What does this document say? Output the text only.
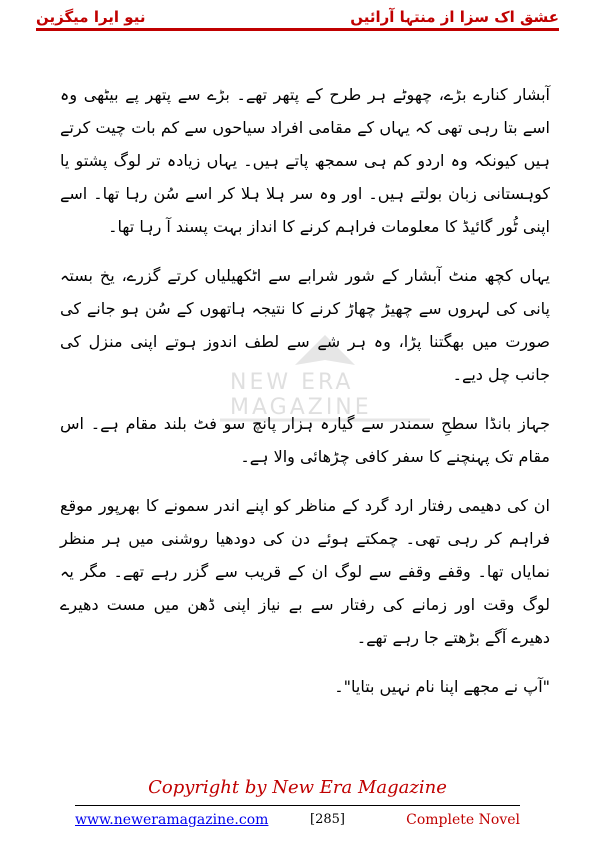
نیو ایرا میگزین	عشق اک سزا از منتہا آرائیں
NEW ERA MAGAZINE

آبشار کنارے بڑے، چھوٹے ہر طرح کے پتھر تھے۔ بڑے سے پتھر پے بیٹھی وہ اسے بتا رہی تھی کہ یہاں کے مقامی افراد سیاحوں سے کم بات چیت کرتے ہیں کیونکہ وہ اردو کم ہی سمجھ پاتے ہیں۔ یہاں زیادہ تر لوگ پشتو یا کوہستانی زبان بولتے ہیں۔ اور وہ سر ہلا ہلا کر اسے سُن رہا تھا۔ اسے اپنی ٹُور گائیڈ کا معلومات فراہم کرنے کا انداز بہت پسند آ رہا تھا۔

یہاں کچھ منٹ آبشار کے شور شرابے سے اٹکھیلیاں کرتے گزرے، یخ بستہ پانی کی لہروں سے چھیڑ چھاڑ کرنے کا نتیجہ ہاتھوں کے سُن ہو جانے کی صورت میں بھگتنا پڑا، وہ ہر شے سے لطف اندوز ہوتے اپنی منزل کی جانب چل دیے۔

جہاز بانڈا سطحِ سمندر سے گیارہ ہزار پانچ سو فٹ بلند مقام ہے۔ اس مقام تک پہنچنے کا سفر کافی چڑھائی والا ہے۔

ان کی دھیمی رفتار ارد گرد کے مناظر کو اپنے اندر سمونے کا بھرپور موقع فراہم کر رہی تھی۔ چمکتے ہوئے دن کی دودھیا روشنی میں ہر منظر نمایاں تھا۔ وقفے وقفے سے لوگ ان کے قریب سے گزر رہے تھے۔ مگر یہ لوگ وقت اور زمانے کی رفتار سے بے نیاز اپنی ڈھن میں مست دھیرے دھیرے آگے بڑھتے جا رہے تھے۔

"آپ نے مجھے اپنا نام نہیں بتایا"۔

Copyright by New Era Magazine
www.neweramagazine.com	[285]	Complete Novel
